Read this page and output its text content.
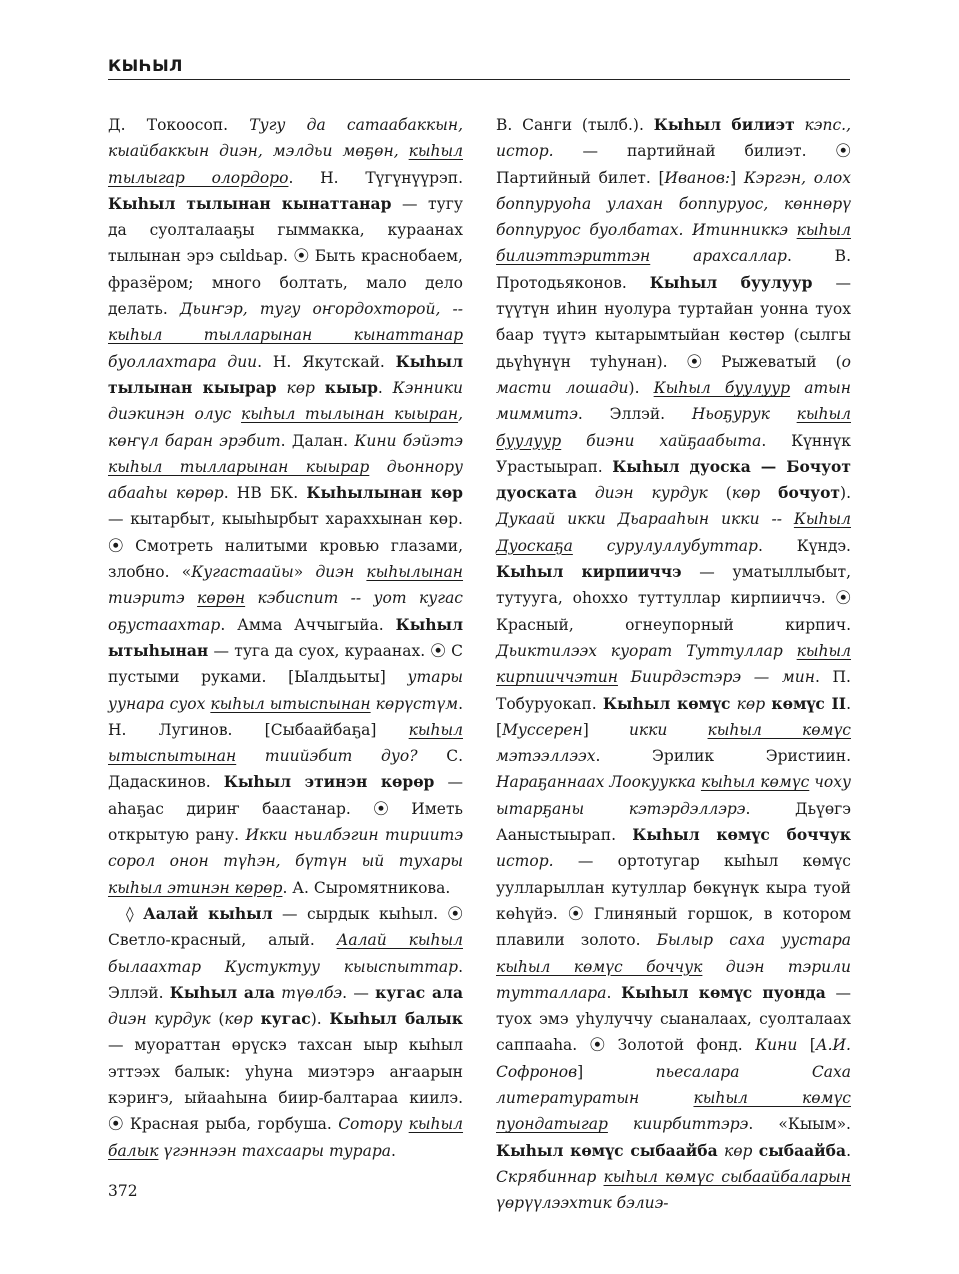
КЫҺЫЛ

Д. Токоосоп. Тугу да сатаабаккын, кыайбаккын диэн, мэлдьи мөҕөн, кыһыл тылыгар олордоро. Н. Түгүнүүрэп. Кыһыл тылынан кынаттанар — тугу да суолталааҕы гыммакка, кураанах тылынан эрэ сыldьар. ⦿ Быть краснобаем, фразёром; много болтать, мало дело делать. Дьиҥэр, тугу оҥордохторой, -- кыһыл тылларынан кынаттанар буоллахтара дии. Н. Якутскай. Кыһыл тылынан кыырар көр кыыр. Кэнники диэкинэн олус кыһыл тылынан кыыран, көҥүл баран эрэбит. Далан. Кини бэйэтэ кыһыл тылларынан кыырар дьоннору абааһы көрөр. НВ БК. Кыһылынан көр — кытарбыт, кыыһырбыт хараххынан көр. ⦿ Смотреть налитыми кровью глазами, злобно. «Кугастаайы» диэн кыһылынан тиэритэ көрөн кэбиспит -- уот кугас оҕустаахтар. Амма Аччыгыйа. Кыһыл ытыһынан — туга да суох, кураанах. ⦿ С пустыми руками. [Ыалдьыты] утары уунара суох кыһыл ытыспынан көрүстүм. Н. Лугинов. [Сыбаайбаҕа] кыһыл ытыспытынан тиийэбит дуо? С. Дадаскинов. Кыһыл этинэн көрөр — аһаҕас дириҥ баастанар. ⦿ Иметь открытую рану. Икки ньилбэгин тириитэ сорол онон түһэн, бүтүн ый тухары кыһыл этинэн көрөр. А. Сыромятникова.

◊ Аалай кыһыл — сырдык кыһыл. ⦿ Светло-красный, алый. Аалай кыһыл былаахтар Кустуктуу кыыспыттар. Эллэй. Кыһыл ала түөлбэ. — кугас ала диэн курдук (көр кугас). Кыһыл балык — муораттан өрүскэ тахсан ыыр кыһыл эттээх балык: уһуна миэтэрэ аҥаарын кэриҥэ, ыйааһына биир-балтараа киилэ. ⦿ Красная рыба, горбуша. Сотору кыһыл балык үгэннээн тахсаары турара.

В. Санги (тылб.). Кыһыл билиэт кэпс., истор. — партийнай билиэт. ⦿ Партийный билет. [Иванов:] Кэргэн, олох боппуруоһа улахан боппуруос, көннөрү боппуруос буолбатах. Итинниккэ кыһыл билиэттэриттэн арахсаллар. В. Протодьяконов. Кыһыл буулуур — түүтүн иһин нуолура туртайан уонна туох баар түүтэ кытарымтыйан көстөр (сылгы дьүһүнүн туһунан). ⦿ Рыжеватый (о масти лошади). Кыһыл буулуур атын миммитэ. Эллэй. Ньоҕурук кыһыл буулуур биэни хайҕаабыта. Күннүк Урастыырап. Кыһыл дуоска — Бочуот дуоската диэн курдук (көр бочуот). Дукаай икки Дьарааһын икки -- Кыһыл Дуоскаҕа сурулуллубуттар. Күндэ. Кыһыл кирпииччэ — уматыллыбыт, тутууга, оһоххо туттуллар кирпииччэ. ⦿ Красный, огнеупорный кирпич. Дьиктилээх куорат Туттуллар кыһыл кирпииччэтин Биирдэстэрэ — мин. П. Тобуруокап. Кыһыл көмүс көр көмүс II. [Муссерен] икки кыһыл көмүс мэтээллээх. Эрилик Эристиин. Нараҕаннаах Лоокуукка кыһыл көмүс чоху ытарҕаны кэтэрдэллэрэ. Дьүөгэ Ааныстыырап. Кыһыл көмүс боччук истор. — ортотугар кыһыл көмүс уулларыллан кутуллар бөкүнүк кыра туой көһүйэ. ⦿ Глиняный горшок, в котором плавили золото. Былыр саха уустара кыһыл көмүс боччук диэн тэрили тутталлара. Кыһыл көмүс пуонда — туох эмэ уһулуччу сыаналаах, суолталаах саппааһа. ⦿ Золотой фонд. Кини [А.И. Софронов] пьесалара Саха литературатын кыһыл көмүс пуондатыгар киирбиттэрэ. «Кыым». Кыһыл көмүс сыбаайба көр сыбаайба. Скрябиннар кыһыл көмүс сыбаайбаларын үөрүүлээхтик бэлиэ-

372
